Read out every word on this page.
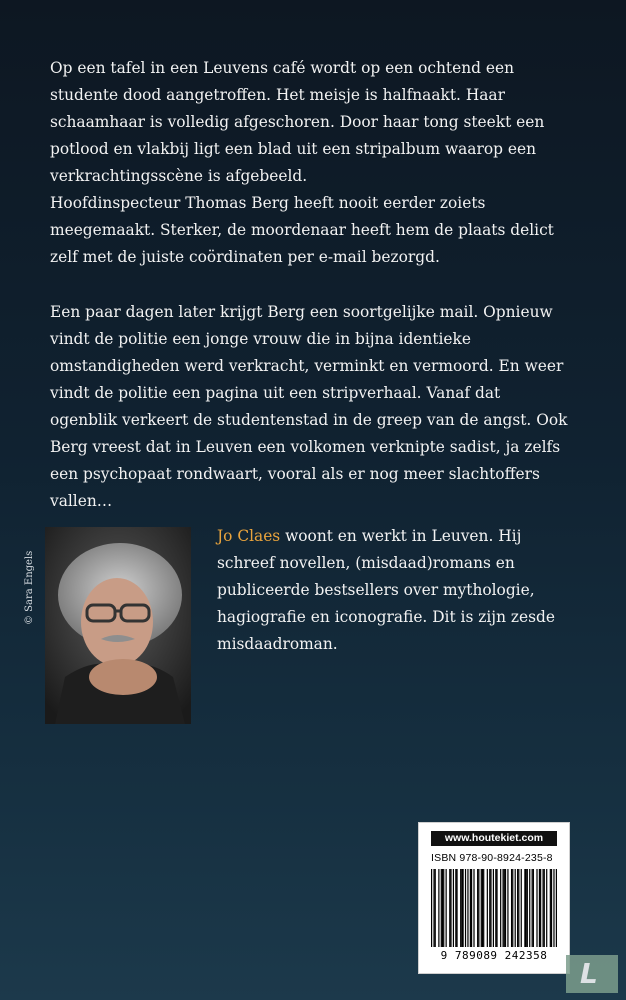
Op een tafel in een Leuvens café wordt op een ochtend een studente dood aangetroffen. Het meisje is halfnaakt. Haar schaamhaar is volledig afgeschoren. Door haar tong steekt een potlood en vlakbij ligt een blad uit een stripalbum waarop een verkrachtingsscène is afgebeeld.

Hoofdinspecteur Thomas Berg heeft nooit eerder zoiets meegemaakt. Sterker, de moordenaar heeft hem de plaats delict zelf met de juiste coördinaten per e-mail bezorgd.

Een paar dagen later krijgt Berg een soortgelijke mail. Opnieuw vindt de politie een jonge vrouw die in bijna identieke omstandigheden werd verkracht, verminkt en vermoord. En weer vindt de politie een pagina uit een stripverhaal. Vanaf dat ogenblik verkeert de studentenstad in de greep van de angst. Ook Berg vreest dat in Leuven een volkomen verknipte sadist, ja zelfs een psychopaat rondwaart, vooral als er nog meer slachtoffers vallen…

© Sara Engels

Jo Claes woont en werkt in Leuven. Hij schreef novellen, (misdaad)romans en publiceerde bestsellers over mythologie, hagiografie en iconografie. Dit is zijn zesde misdaadroman.

www.houtekiet.com
ISBN 978-90-8924-235-8
9 789089 242358
L
